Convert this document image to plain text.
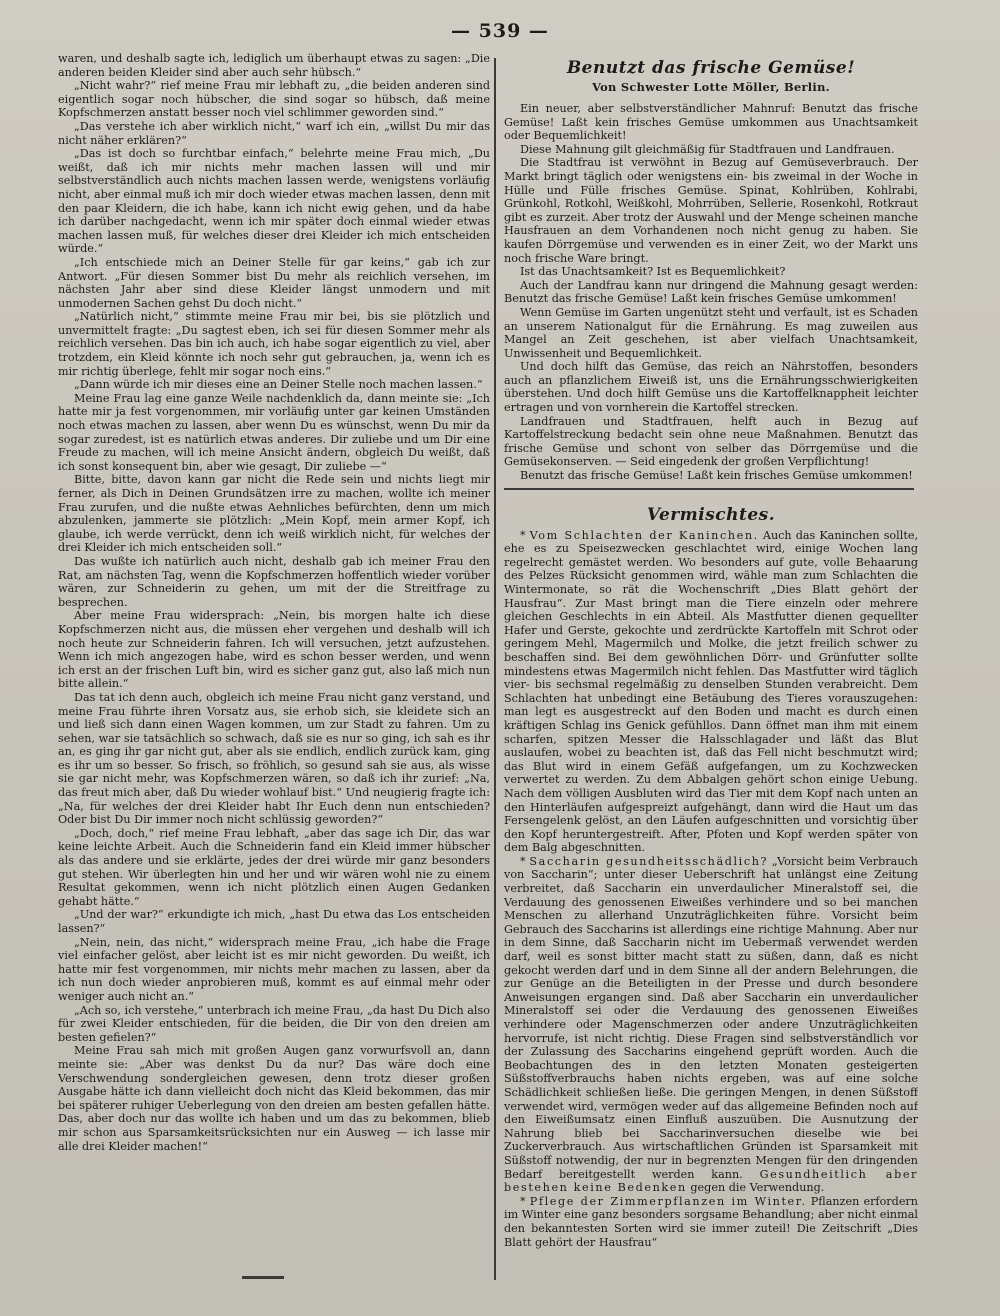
— 539 —

waren, und deshalb sagte ich, lediglich um überhaupt etwas zu sagen: „Die anderen beiden Kleider sind aber auch sehr hübsch.“

„Nicht wahr?“ rief meine Frau mir lebhaft zu, „die beiden anderen sind eigentlich sogar noch hübscher, die sind sogar so hübsch, daß meine Kopfschmerzen anstatt besser noch viel schlimmer geworden sind.“

„Das verstehe ich aber wirklich nicht,“ warf ich ein, „willst Du mir das nicht näher erklären?“

„Das ist doch so furchtbar einfach,“ belehrte meine Frau mich, „Du weißt, daß ich mir nichts mehr machen lassen will und mir selbstverständlich auch nichts machen lassen werde, wenigstens vorläufig nicht, aber einmal muß ich mir doch wieder etwas machen lassen, denn mit den paar Kleidern, die ich habe, kann ich nicht ewig gehen, und da habe ich darüber nachgedacht, wenn ich mir später doch einmal wieder etwas machen lassen muß, für welches dieser drei Kleider ich mich entscheiden würde.“

„Ich entschiede mich an Deiner Stelle für gar keins,“ gab ich zur Antwort. „Für diesen Sommer bist Du mehr als reichlich versehen, im nächsten Jahr aber sind diese Kleider längst unmodern und mit unmodernen Sachen gehst Du doch nicht.“

„Natürlich nicht,“ stimmte meine Frau mir bei, bis sie plötzlich und unvermittelt fragte: „Du sagtest eben, ich sei für diesen Sommer mehr als reichlich versehen. Das bin ich auch, ich habe sogar eigentlich zu viel, aber trotzdem, ein Kleid könnte ich noch sehr gut gebrauchen, ja, wenn ich es mir richtig überlege, fehlt mir sogar noch eins.“

„Dann würde ich mir dieses eine an Deiner Stelle noch machen lassen.“

Meine Frau lag eine ganze Weile nachdenklich da, dann meinte sie: „Ich hatte mir ja fest vorgenommen, mir vorläufig unter gar keinen Umständen noch etwas machen zu lassen, aber wenn Du es wünschst, wenn Du mir da sogar zuredest, ist es natürlich etwas anderes. Dir zuliebe und um Dir eine Freude zu machen, will ich meine Ansicht ändern, obgleich Du weißt, daß ich sonst konsequent bin, aber wie gesagt, Dir zuliebe —“

Bitte, bitte, davon kann gar nicht die Rede sein und nichts liegt mir ferner, als Dich in Deinen Grundsätzen irre zu machen, wollte ich meiner Frau zurufen, und die nußte etwas Aehnliches befürchten, denn um mich abzulenken, jammerte sie plötzlich: „Mein Kopf, mein armer Kopf, ich glaube, ich werde verrückt, denn ich weiß wirklich nicht, für welches der drei Kleider ich mich entscheiden soll.“

Das wußte ich natürlich auch nicht, deshalb gab ich meiner Frau den Rat, am nächsten Tag, wenn die Kopfschmerzen hoffentlich wieder vorüber wären, zur Schneiderin zu gehen, um mit der die Streitfrage zu besprechen.

Aber meine Frau widersprach: „Nein, bis morgen halte ich diese Kopfschmerzen nicht aus, die müssen eher vergehen und deshalb will ich noch heute zur Schneiderin fahren. Ich will versuchen, jetzt aufzustehen. Wenn ich mich angezogen habe, wird es schon besser werden, und wenn ich erst an der frischen Luft bin, wird es sicher ganz gut, also laß mich nun bitte allein.“

Das tat ich denn auch, obgleich ich meine Frau nicht ganz verstand, und meine Frau führte ihren Vorsatz aus, sie erhob sich, sie kleidete sich an und ließ sich dann einen Wagen kommen, um zur Stadt zu fahren. Um zu sehen, war sie tatsächlich so schwach, daß sie es nur so ging, ich sah es ihr an, es ging ihr gar nicht gut, aber als sie endlich, endlich zurück kam, ging es ihr um so besser. So frisch, so fröhlich, so gesund sah sie aus, als wisse sie gar nicht mehr, was Kopfschmerzen wären, so daß ich ihr zurief: „Na, das freut mich aber, daß Du wieder wohlauf bist.“ Und neugierig fragte ich: „Na, für welches der drei Kleider habt Ihr Euch denn nun entschieden? Oder bist Du Dir immer noch nicht schlüssig geworden?“

„Doch, doch,“ rief meine Frau lebhaft, „aber das sage ich Dir, das war keine leichte Arbeit. Auch die Schneiderin fand ein Kleid immer hübscher als das andere und sie erklärte, jedes der drei würde mir ganz besonders gut stehen. Wir überlegten hin und her und wir wären wohl nie zu einem Resultat gekommen, wenn ich nicht plötzlich einen Augen Gedanken gehabt hätte.“

„Und der war?“ erkundigte ich mich, „hast Du etwa das Los entscheiden lassen?“

„Nein, nein, das nicht,“ widersprach meine Frau, „ich habe die Frage viel einfacher gelöst, aber leicht ist es mir nicht geworden. Du weißt, ich hatte mir fest vorgenommen, mir nichts mehr machen zu lassen, aber da ich nun doch wieder anprobieren muß, kommt es auf einmal mehr oder weniger auch nicht an.“

„Ach so, ich verstehe,“ unterbrach ich meine Frau, „da hast Du Dich also für zwei Kleider entschieden, für die beiden, die Dir von den dreien am besten gefielen?“

Meine Frau sah mich mit großen Augen ganz vorwurfsvoll an, dann meinte sie: „Aber was denkst Du da nur? Das wäre doch eine Verschwendung sondergleichen gewesen, denn trotz dieser großen Ausgabe hätte ich dann vielleicht doch nicht das Kleid bekommen, das mir bei späterer ruhiger Ueberlegung von den dreien am besten gefallen hätte. Das, aber doch nur das wollte ich haben und um das zu bekommen, blieb mir schon aus Sparsamkeitsrücksichten nur ein Ausweg — ich lasse mir alle drei Kleider machen!“

Benutzt das frische Gemüse!
Von Schwester Lotte Möller, Berlin.

Ein neuer, aber selbstverständlicher Mahnruf: Benutzt das frische Gemüse! Laßt kein frisches Gemüse umkommen aus Unachtsamkeit oder Bequemlichkeit!

Diese Mahnung gilt gleichmäßig für Stadtfrauen und Landfrauen.

Die Stadtfrau ist verwöhnt in Bezug auf Gemüseverbrauch. Der Markt bringt täglich oder wenigstens ein- bis zweimal in der Woche in Hülle und Fülle frisches Gemüse. Spinat, Kohlrüben, Kohlrabi, Grünkohl, Rotkohl, Weißkohl, Mohrrüben, Sellerie, Rosenkohl, Rotkraut gibt es zurzeit. Aber trotz der Auswahl und der Menge scheinen manche Hausfrauen an dem Vorhandenen noch nicht genug zu haben. Sie kaufen Dörrgemüse und verwenden es in einer Zeit, wo der Markt uns noch frische Ware bringt.

Ist das Unachtsamkeit? Ist es Bequemlichkeit?

Auch der Landfrau kann nur dringend die Mahnung gesagt werden: Benutzt das frische Gemüse! Laßt kein frisches Gemüse umkommen!

Wenn Gemüse im Garten ungenützt steht und verfault, ist es Schaden an unserem Nationalgut für die Ernährung. Es mag zuweilen aus Mangel an Zeit geschehen, ist aber vielfach Unachtsamkeit, Unwissenheit und Bequemlichkeit.

Und doch hilft das Gemüse, das reich an Nährstoffen, besonders auch an pflanzlichem Eiweiß ist, uns die Ernährungsschwierigkeiten überstehen. Und doch hilft Gemüse uns die Kartoffelknappheit leichter ertragen und von vornherein die Kartoffel strecken.

Landfrauen und Stadtfrauen, helft auch in Bezug auf Kartoffelstreckung bedacht sein ohne neue Maßnahmen. Benutzt das frische Gemüse und schont von selber das Dörrgemüse und die Gemüsekonserven. — Seid eingedenk der großen Verpflichtung!

Benutzt das frische Gemüse! Laßt kein frisches Gemüse umkommen!

Vermischtes.

* Vom Schlachten der Kaninchen. Auch das Kaninchen sollte, ehe es zu Speisezwecken geschlachtet wird, einige Wochen lang regelrecht gemästet werden. Wo besonders auf gute, volle Behaarung des Pelzes Rücksicht genommen wird, wähle man zum Schlachten die Wintermonate, so rät die Wochenschrift „Dies Blatt gehört der Hausfrau“. Zur Mast bringt man die Tiere einzeln oder mehrere gleichen Geschlechts in ein Abteil. Als Mastfutter dienen gequellter Hafer und Gerste, gekochte und zerdrückte Kartoffeln mit Schrot oder geringem Mehl, Magermilch und Molke, die jetzt freilich schwer zu beschaffen sind. Bei dem gewöhnlichen Dörr- und Grünfutter sollte mindestens etwas Magermilch nicht fehlen. Das Mastfutter wird täglich vier- bis sechsmal regelmäßig zu denselben Stunden verabreicht. Dem Schlachten hat unbedingt eine Betäubung des Tieres vorauszugehen: man legt es ausgestreckt auf den Boden und macht es durch einen kräftigen Schlag ins Genick gefühllos. Dann öffnet man ihm mit einem scharfen, spitzen Messer die Halsschlagader und läßt das Blut auslaufen, wobei zu beachten ist, daß das Fell nicht beschmutzt wird; das Blut wird in einem Gefäß aufgefangen, um zu Kochzwecken verwertet zu werden. Zu dem Abbalgen gehört schon einige Uebung. Nach dem völligen Ausbluten wird das Tier mit dem Kopf nach unten an den Hinterläufen aufgespreizt aufgehängt, dann wird die Haut um das Fersengelenk gelöst, an den Läufen aufgeschnitten und vorsichtig über den Kopf heruntergestreift. After, Pfoten und Kopf werden später von dem Balg abgeschnitten.

* Saccharin gesundheitsschädlich? „Vorsicht beim Verbrauch von Saccharin“; unter dieser Ueberschrift hat unlängst eine Zeitung verbreitet, daß Saccharin ein unverdaulicher Mineralstoff sei, die Verdauung des genossenen Eiweißes verhindere und so bei manchen Menschen zu allerhand Unzuträglichkeiten führe. Vorsicht beim Gebrauch des Saccharins ist allerdings eine richtige Mahnung. Aber nur in dem Sinne, daß Saccharin nicht im Uebermaß verwendet werden darf, weil es sonst bitter macht statt zu süßen, dann, daß es nicht gekocht werden darf und in dem Sinne all der andern Belehrungen, die zur Genüge an die Beteiligten in der Presse und durch besondere Anweisungen ergangen sind. Daß aber Saccharin ein unverdaulicher Mineralstoff sei oder die Verdauung des genossenen Eiweißes verhindere oder Magenschmerzen oder andere Unzuträglichkeiten hervorrufe, ist nicht richtig. Diese Fragen sind selbstverständlich vor der Zulassung des Saccharins eingehend geprüft worden. Auch die Beobachtungen des in den letzten Monaten gesteigerten Süßstoffverbrauchs haben nichts ergeben, was auf eine solche Schädlichkeit schließen ließe. Die geringen Mengen, in denen Süßstoff verwendet wird, vermögen weder auf das allgemeine Befinden noch auf den Eiweißumsatz einen Einfluß auszuüben. Die Ausnutzung der Nahrung blieb bei Saccharinversuchen dieselbe wie bei Zuckerverbrauch. Aus wirtschaftlichen Gründen ist Sparsamkeit mit Süßstoff notwendig, der nur in begrenzten Mengen für den dringenden Bedarf bereitgestellt werden kann. Gesundheitlich aber bestehen keine Bedenken gegen die Verwendung.

* Pflege der Zimmerpflanzen im Winter. Pflanzen erfordern im Winter eine ganz besonders sorgsame Behandlung; aber nicht einmal den bekanntesten Sorten wird sie immer zuteil! Die Zeitschrift „Dies Blatt gehört der Hausfrau“
